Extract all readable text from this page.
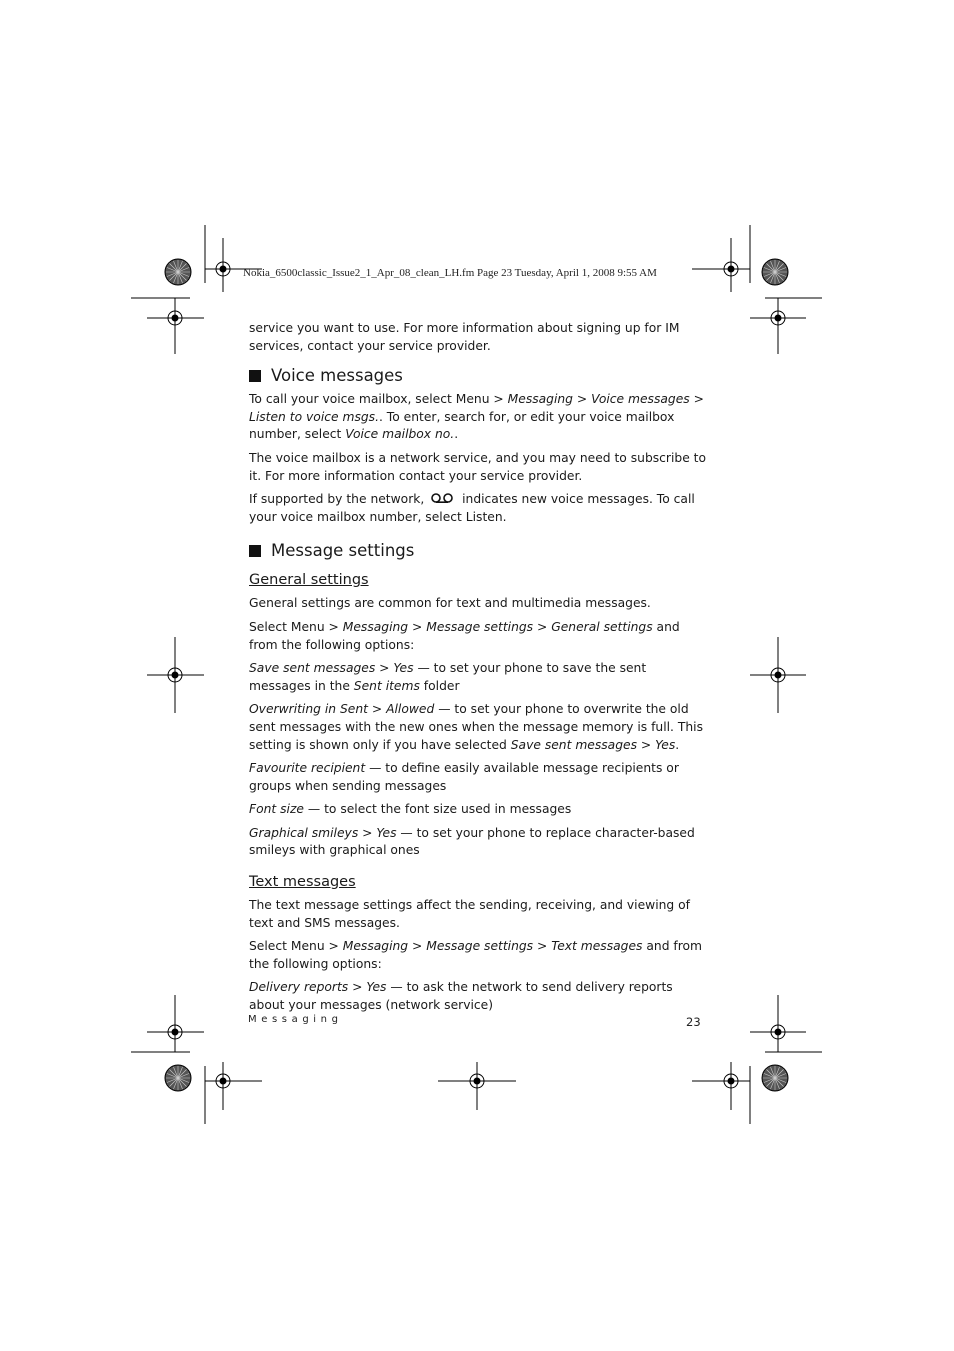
Nokia_6500classic_Issue2_1_Apr_08_clean_LH.fm Page 23 Tuesday, April 1, 2008 9:55 AM

service you want to use. For more information about signing up for IM services, contact your service provider.

Voice messages

To call your voice mailbox, select Menu > Messaging > Voice messages > Listen to voice msgs.. To enter, search for, or edit your voice mailbox number, select Voice mailbox no..

The voice mailbox is a network service, and you may need to subscribe to it. For more information contact your service provider.

If supported by the network,  indicates new voice messages. To call your voice mailbox number, select Listen.

Message settings
General settings

General settings are common for text and multimedia messages.

Select Menu > Messaging > Message settings > General settings and from the following options:

Save sent messages > Yes — to set your phone to save the sent messages in the Sent items folder

Overwriting in Sent > Allowed — to set your phone to overwrite the old sent messages with the new ones when the message memory is full. This setting is shown only if you have selected Save sent messages > Yes.

Favourite recipient — to define easily available message recipients or groups when sending messages

Font size — to select the font size used in messages

Graphical smileys > Yes — to set your phone to replace character-based smileys with graphical ones

Text messages

The text message settings affect the sending, receiving, and viewing of text and SMS messages.

Select Menu > Messaging > Message settings > Text messages and from the following options:

Delivery reports > Yes — to ask the network to send delivery reports about your messages (network service)

Messaging	23
